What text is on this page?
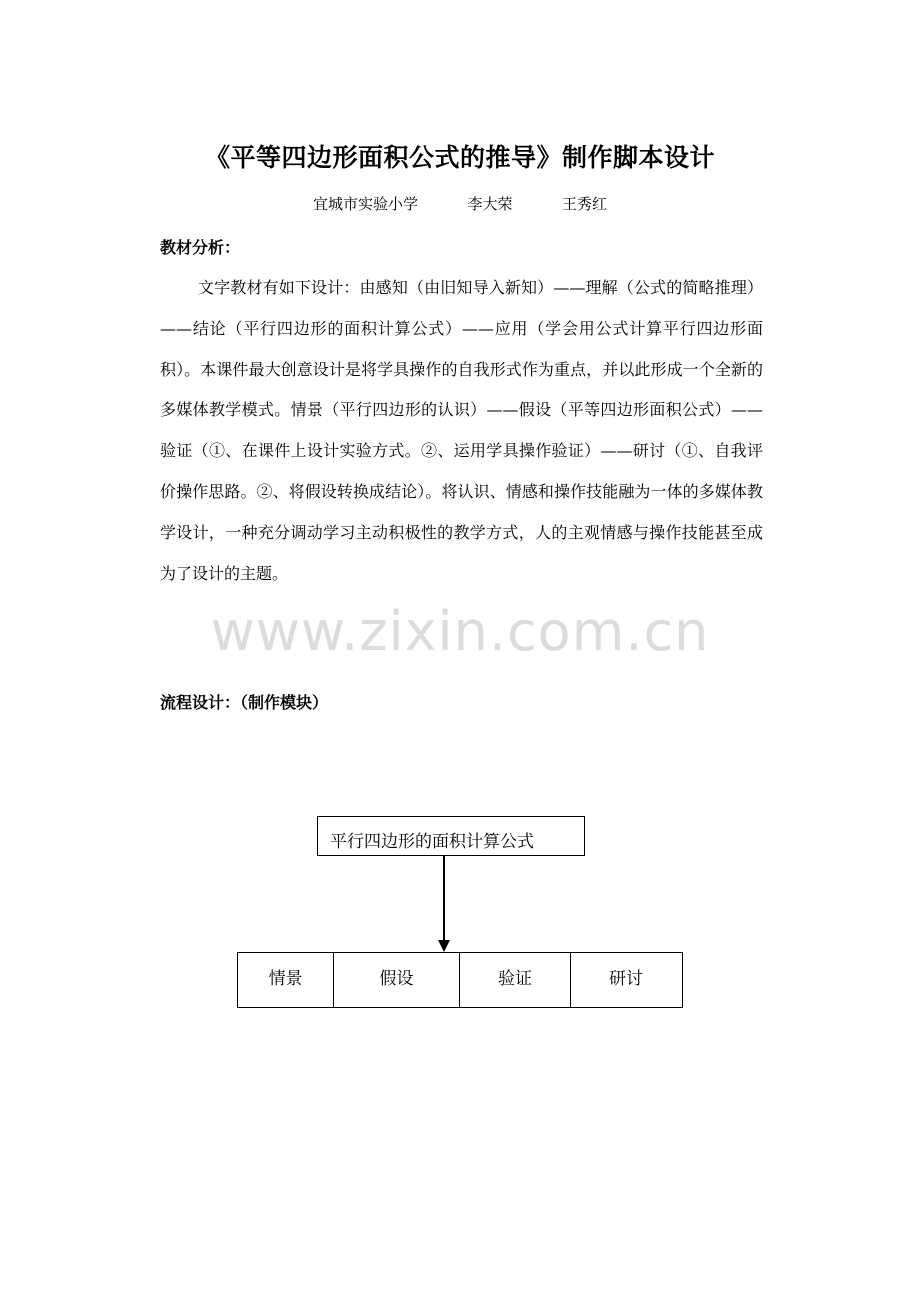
《平等四边形面积公式的推导》制作脚本设计
宜城市实验小学  李大荣  王秀红
教材分析：
文字教材有如下设计：由感知（由旧知导入新知）——理解（公式的简略推理）——结论（平行四边形的面积计算公式）——应用（学会用公式计算平行四边形面积）。本课件最大创意设计是将学具操作的自我形式作为重点，并以此形成一个全新的多媒体教学模式。情景（平行四边形的认识）——假设（平等四边形面积公式）——验证（①、在课件上设计实验方式。②、运用学具操作验证）——研讨（①、自我评价操作思路。②、将假设转换成结论）。将认识、情感和操作技能融为一体的多媒体教学设计，一种充分调动学习主动积极性的教学方式，人的主观情感与操作技能甚至成为了设计的主题。
www.zixin.com.cn
流程设计：（制作模块）
平行四边形的面积计算公式
情景	假设	验证	研讨
